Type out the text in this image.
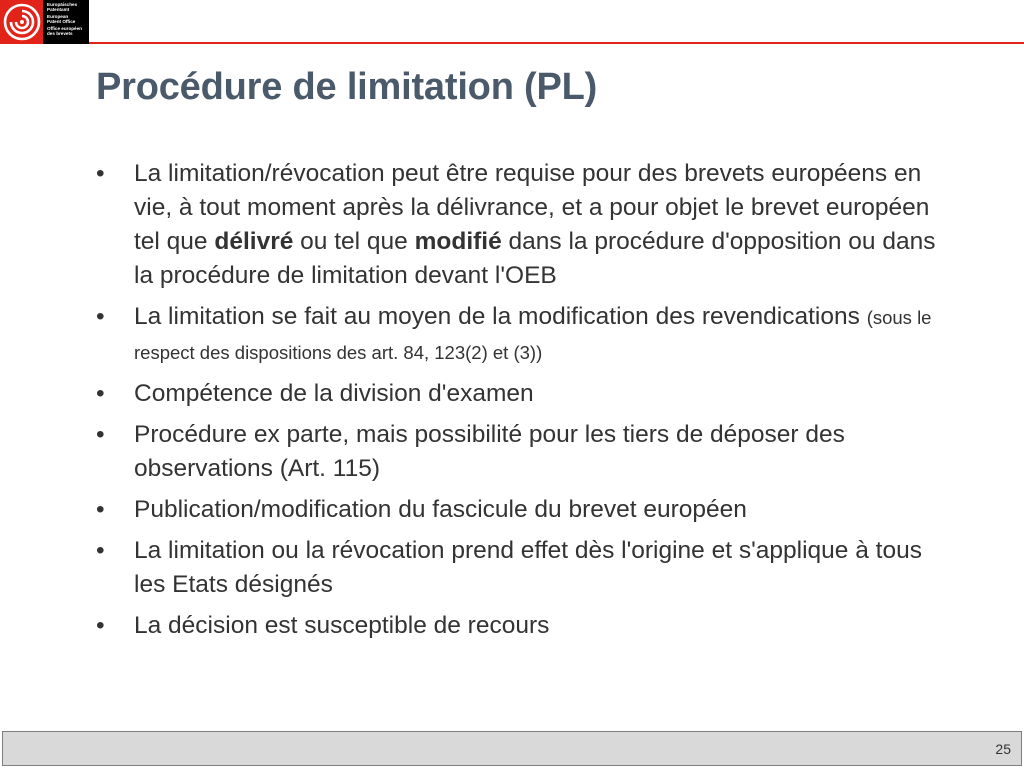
Europäisches
Patentamt
European
Patent Office
Office européen
des brevets
Procédure de limitation (PL)
•	La limitation/révocation peut être requise pour des brevets européens en vie, à tout moment après la délivrance, et a pour objet le brevet européen tel que délivré ou tel que modifié dans la procédure d'opposition ou dans la procédure de limitation devant l'OEB
•	La limitation se fait au moyen de la modification des revendications (sous le respect des dispositions des art. 84, 123(2) et (3))
•	Compétence de la division d'examen
•	Procédure ex parte, mais possibilité pour les tiers de déposer des observations (Art. 115)
•	Publication/modification du fascicule du brevet européen
•	La limitation ou la révocation prend effet dès l'origine et s'applique à tous les Etats désignés
•	La décision est susceptible de recours
25
